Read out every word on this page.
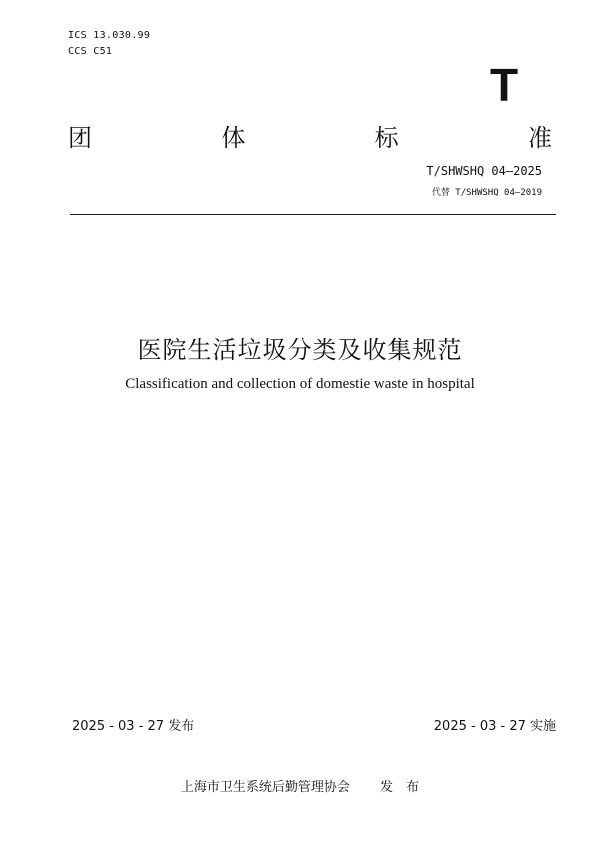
ICS 13.030.99
CCS C51
T
团	体	标	准
T/SHWSHQ 04—2025
代替 T/SHWSHQ 04—2019
医院生活垃圾分类及收集规范
Classification and collection of domestie waste in hospital
2025 - 03 - 27 发布	2025 - 03 - 27 实施
上海市卫生系统后勤管理协会　　 发　布
